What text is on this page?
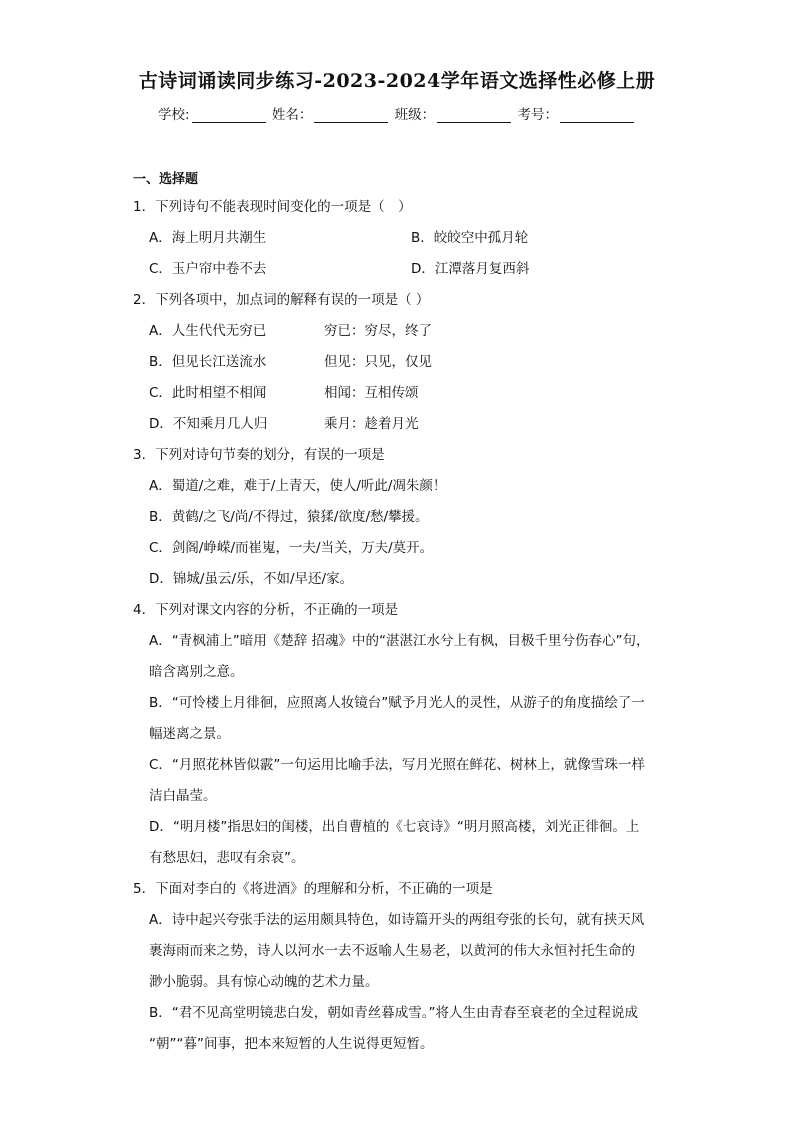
古诗词诵读同步练习-2023-2024学年语文选择性必修上册
学校:	姓名：	班级：	考号：
一、选择题
1．下列诗句不能表现时间变化的一项是（　）
A．海上明月共潮生	B．皎皎空中孤月轮
C．玉户帘中卷不去	D．江潭落月复西斜
2．下列各项中，加点词的解释有误的一项是（ ）
A．人生代代无穷已	穷已：穷尽，终了
B．但见长江送流水	但见：只见，仅见
C．此时相望不相闻	相闻：互相传颂
D．不知乘月几人归	乘月：趁着月光
3．下列对诗句节奏的划分，有误的一项是
A．蜀道/之难，难于/上青天，使人/听此/凋朱颜！
B．黄鹤/之飞/尚/不得过，猿猱/欲度/愁/攀援。
C．剑阁/峥嵘/而崔嵬，一夫/当关，万夫/莫开。
D．锦城/虽云/乐，不如/早还/家。
4．下列对课文内容的分析，不正确的一项是
A．“青枫浦上”暗用《楚辞 招魂》中的“湛湛江水兮上有枫，目极千里兮伤春心”句，
暗含离别之意。
B．“可怜楼上月徘徊，应照离人妆镜台”赋予月光人的灵性，从游子的角度描绘了一
幅迷离之景。
C．“月照花林皆似霰”一句运用比喻手法，写月光照在鲜花、树林上，就像雪珠一样
洁白晶莹。
D．“明月楼”指思妇的闺楼，出自曹植的《七哀诗》“明月照高楼，刘光正徘徊。上
有愁思妇，悲叹有余哀”。
5．下面对李白的《将进酒》的理解和分析，不正确的一项是
A．诗中起兴夸张手法的运用颇具特色，如诗篇开头的两组夸张的长句，就有挟天风
裹海雨而来之势，诗人以河水一去不返喻人生易老，以黄河的伟大永恒衬托生命的
渺小脆弱。具有惊心动魄的艺术力量。
B．“君不见高堂明镜悲白发，朝如青丝暮成雪。”将人生由青春至衰老的全过程说成
“朝”“暮”间事，把本来短暂的人生说得更短暂。
